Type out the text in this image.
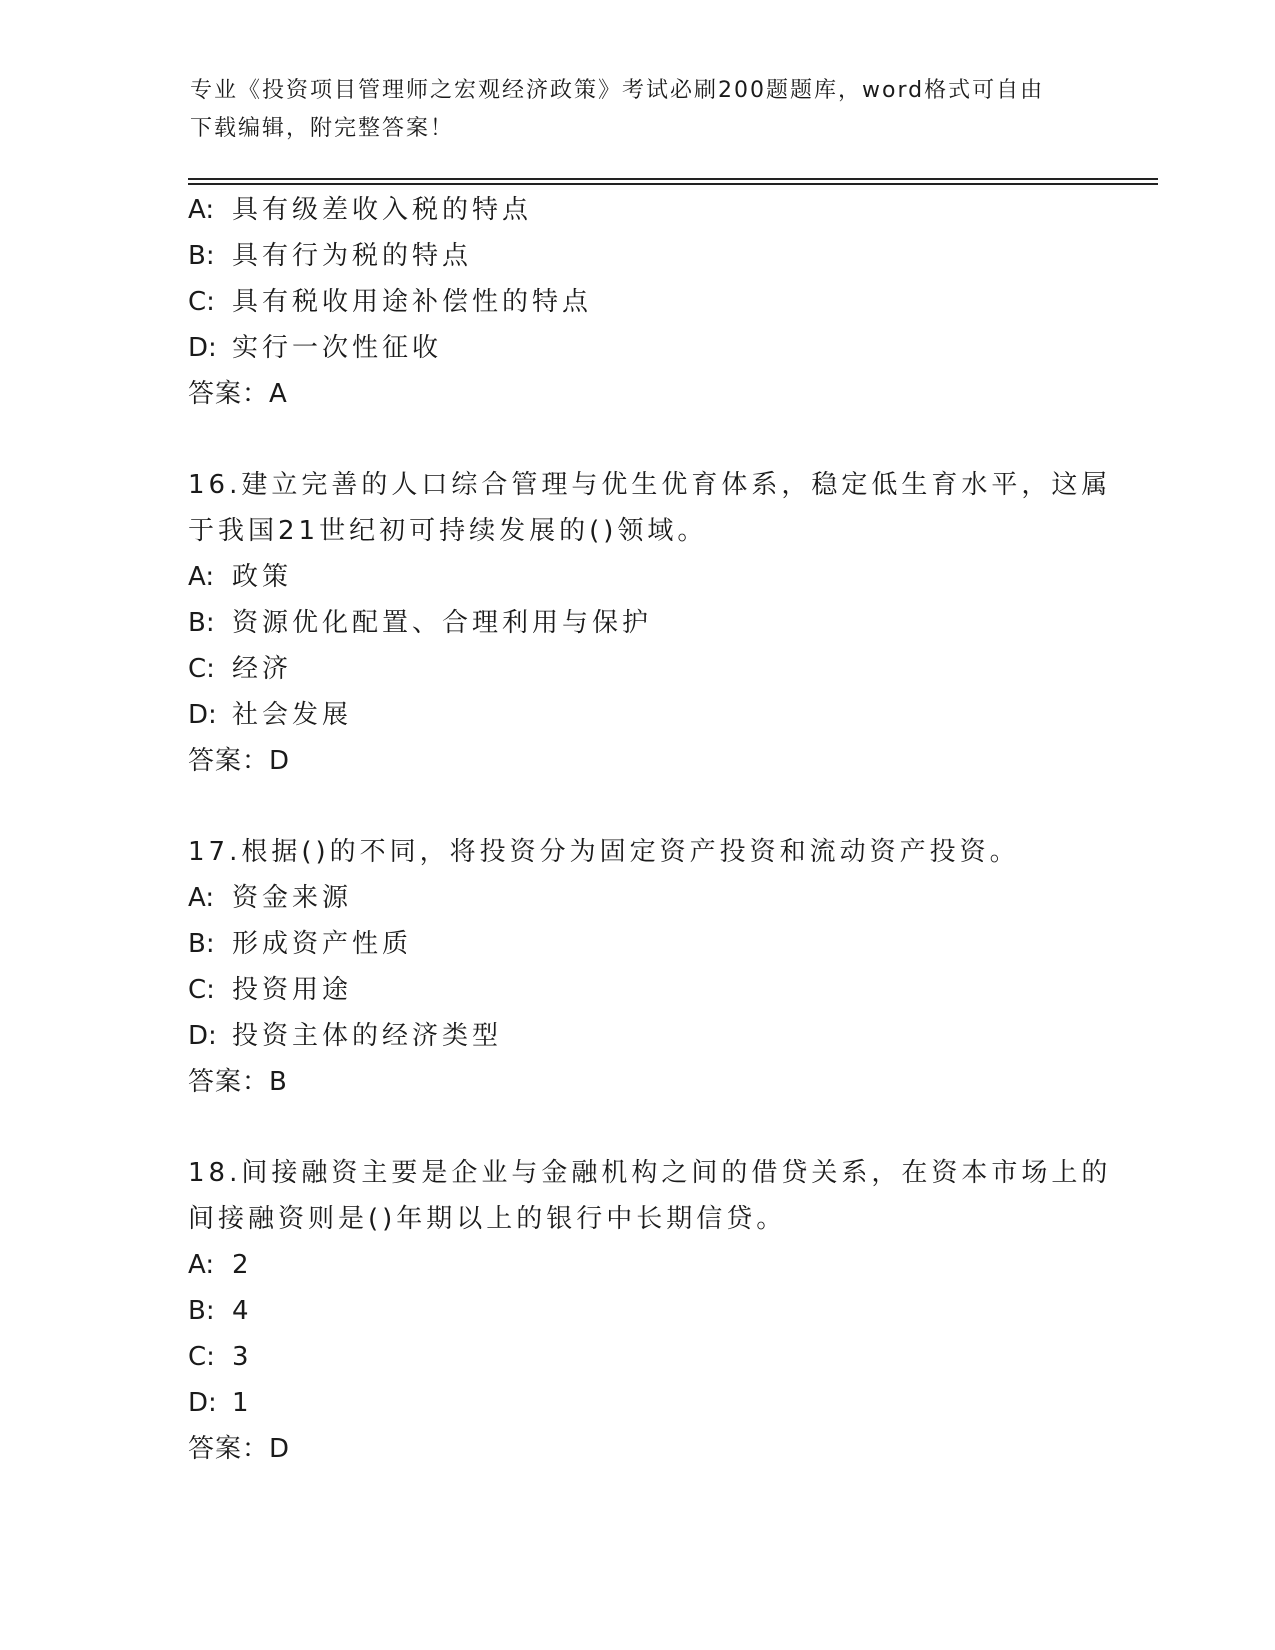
专业《投资项目管理师之宏观经济政策》考试必刷200题题库，word格式可自由
下载编辑，附完整答案！
A: 具有级差收入税的特点
B: 具有行为税的特点
C: 具有税收用途补偿性的特点
D: 实行一次性征收
答案：A
16.建立完善的人口综合管理与优生优育体系，稳定低生育水平，这属
于我国21世纪初可持续发展的()领域。
A: 政策
B: 资源优化配置、合理利用与保护
C: 经济
D: 社会发展
答案：D
17.根据()的不同，将投资分为固定资产投资和流动资产投资。
A: 资金来源
B: 形成资产性质
C: 投资用途
D: 投资主体的经济类型
答案：B
18.间接融资主要是企业与金融机构之间的借贷关系，在资本市场上的
间接融资则是()年期以上的银行中长期信贷。
A: 2
B: 4
C: 3
D: 1
答案：D
